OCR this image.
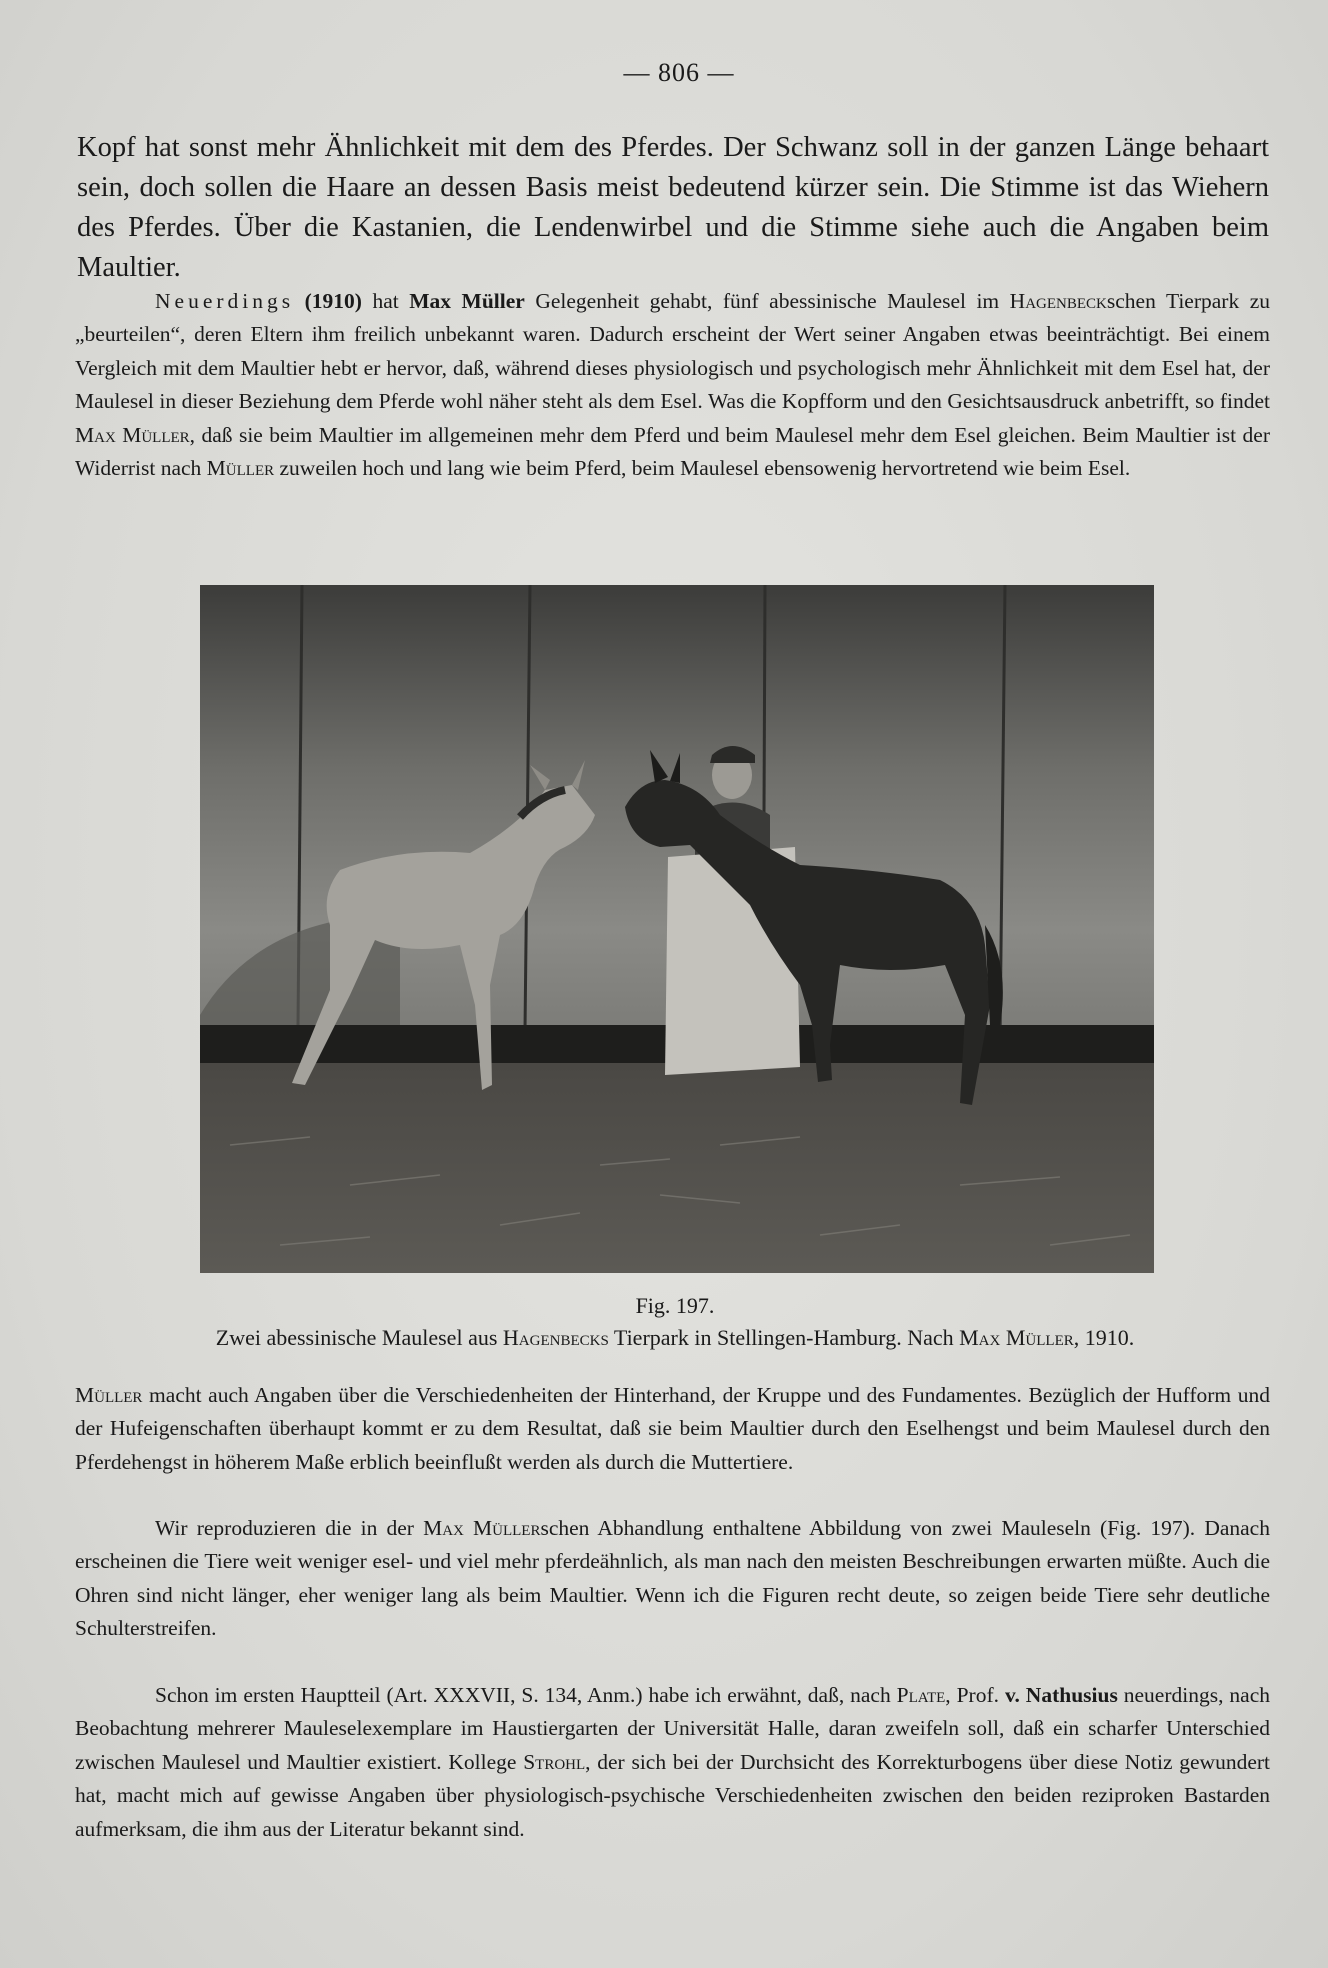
— 806 —

Kopf hat sonst mehr Ähnlichkeit mit dem des Pferdes. Der Schwanz soll in der ganzen Länge behaart sein, doch sollen die Haare an dessen Basis meist bedeutend kürzer sein. Die Stimme ist das Wiehern des Pferdes. Über die Kastanien, die Lendenwirbel und die Stimme siehe auch die Angaben beim Maultier.

Neuerdings (1910) hat Max Müller Gelegenheit gehabt, fünf abessinische Maulesel im Hagenbeckschen Tierpark zu „beurteilen“, deren Eltern ihm freilich unbekannt waren. Dadurch erscheint der Wert seiner Angaben etwas beeinträchtigt. Bei einem Vergleich mit dem Maultier hebt er hervor, daß, während dieses physiologisch und psychologisch mehr Ähnlichkeit mit dem Esel hat, der Maulesel in dieser Beziehung dem Pferde wohl näher steht als dem Esel. Was die Kopfform und den Gesichtsausdruck anbetrifft, so findet Max Müller, daß sie beim Maultier im allgemeinen mehr dem Pferd und beim Maulesel mehr dem Esel gleichen. Beim Maultier ist der Widerrist nach Müller zuweilen hoch und lang wie beim Pferd, beim Maulesel ebensowenig hervortretend wie beim Esel.

Fig. 197.
Zwei abessinische Maulesel aus Hagenbecks Tierpark in Stellingen-Hamburg. Nach Max Müller, 1910.

Müller macht auch Angaben über die Verschiedenheiten der Hinterhand, der Kruppe und des Fundamentes. Bezüglich der Hufform und der Hufeigenschaften überhaupt kommt er zu dem Resultat, daß sie beim Maultier durch den Eselhengst und beim Maulesel durch den Pferdehengst in höherem Maße erblich beeinflußt werden als durch die Muttertiere.

Wir reproduzieren die in der Max Müllerschen Abhandlung enthaltene Abbildung von zwei Mauleseln (Fig. 197). Danach erscheinen die Tiere weit weniger esel- und viel mehr pferdeähnlich, als man nach den meisten Beschreibungen erwarten müßte. Auch die Ohren sind nicht länger, eher weniger lang als beim Maultier. Wenn ich die Figuren recht deute, so zeigen beide Tiere sehr deutliche Schulterstreifen.

Schon im ersten Hauptteil (Art. XXXVII, S. 134, Anm.) habe ich erwähnt, daß, nach Plate, Prof. v. Nathusius neuerdings, nach Beobachtung mehrerer Mauleselexemplare im Haustiergarten der Universität Halle, daran zweifeln soll, daß ein scharfer Unterschied zwischen Maulesel und Maultier existiert. Kollege Strohl, der sich bei der Durchsicht des Korrekturbogens über diese Notiz gewundert hat, macht mich auf gewisse Angaben über physiologisch-psychische Verschiedenheiten zwischen den beiden reziproken Bastarden aufmerksam, die ihm aus der Literatur bekannt sind.
